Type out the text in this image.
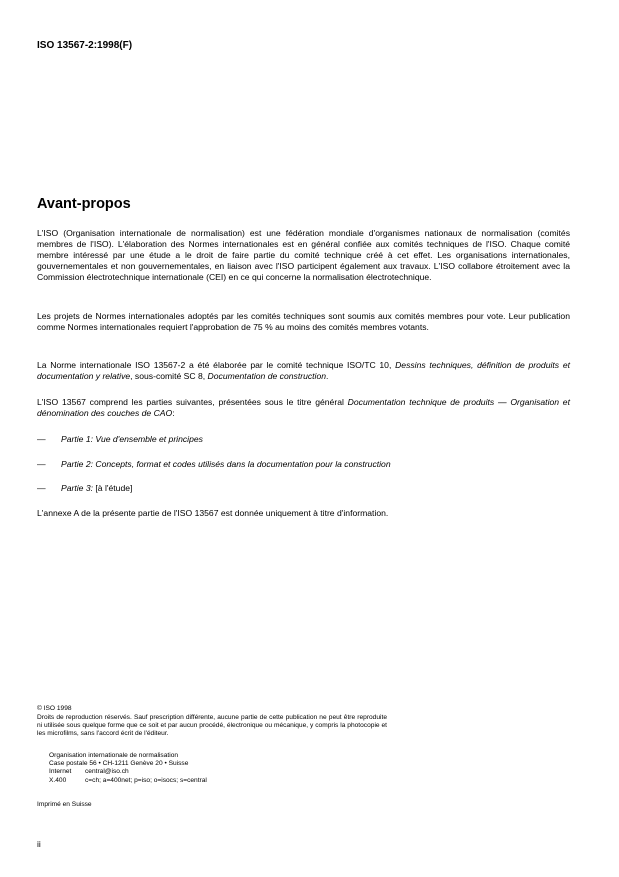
ISO 13567-2:1998(F)
Avant-propos
L'ISO (Organisation internationale de normalisation) est une fédération mondiale d'organismes nationaux de normalisation (comités membres de l'ISO). L'élaboration des Normes internationales est en général confiée aux comités techniques de l'ISO. Chaque comité membre intéressé par une étude a le droit de faire partie du comité technique créé à cet effet. Les organisations internationales, gouvernementales et non gouvernementales, en liaison avec l'ISO participent également aux travaux. L'ISO collabore étroitement avec la Commission électrotechnique internationale (CEI) en ce qui concerne la normalisation électrotechnique.
Les projets de Normes internationales adoptés par les comités techniques sont soumis aux comités membres pour vote. Leur publication comme Normes internationales requiert l'approbation de 75 % au moins des comités membres votants.
La Norme internationale ISO 13567-2 a été élaborée par le comité technique ISO/TC 10, Dessins techniques, définition de produits et documentation y relative, sous-comité SC 8, Documentation de construction.
L'ISO 13567 comprend les parties suivantes, présentées sous le titre général Documentation technique de produits — Organisation et dénomination des couches de CAO:
— Partie 1: Vue d'ensemble et principes
— Partie 2: Concepts, format et codes utilisés dans la documentation pour la construction
— Partie 3: [à l'étude]
L'annexe A de la présente partie de l'ISO 13567 est donnée uniquement à titre d'information.
© ISO 1998
Droits de reproduction réservés. Sauf prescription différente, aucune partie de cette publication ne peut être reproduite ni utilisée sous quelque forme que ce soit et par aucun procédé, électronique ou mécanique, y compris la photocopie et les microfilms, sans l'accord écrit de l'éditeur.
Organisation internationale de normalisation
Case postale 56 • CH-1211 Genève 20 • Suisse
Internet central@iso.ch
X.400	c=ch; a=400net; p=iso; o=isocs; s=central
Imprimé en Suisse
ii
